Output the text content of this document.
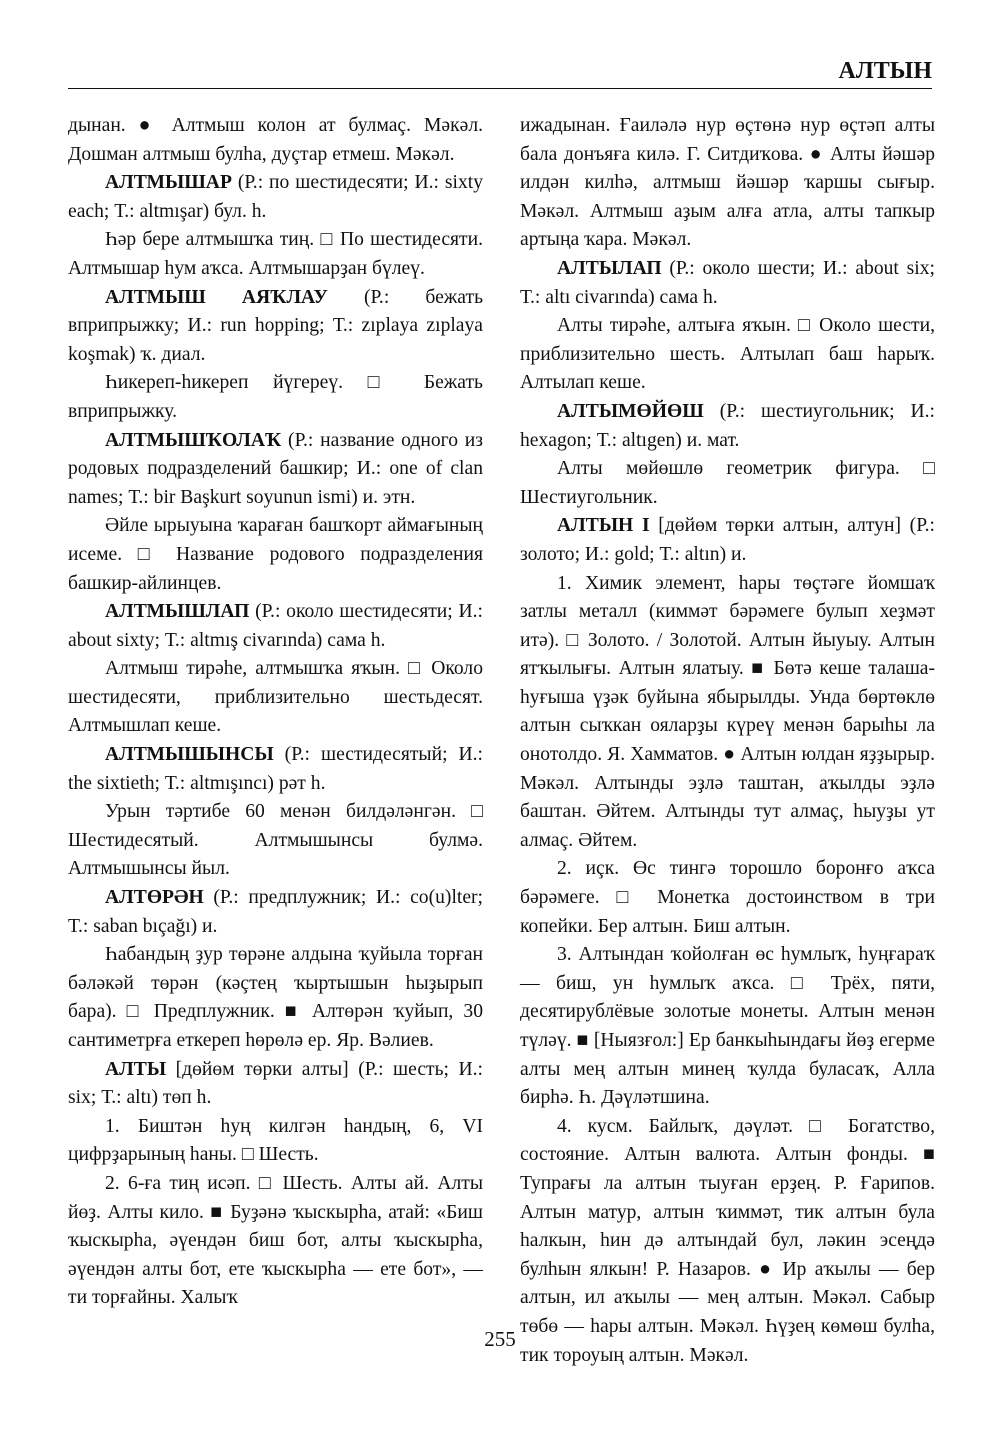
АЛТЫН

дынан. ● Алтмыш колон ат булмаç. Мәкәл. Дошман алтмыш булһа, дуçтар етмеш. Мәкәл.

АЛТМЫШАР (Р.: по шестидесяти; И.: sixty each; Т.: altmışar) бул. һ.

Һәр бере алтмышҡа тиң. □ По шестидесяти. Алтмышар һум аҡса. Алтмышарҙан бүлеү.

АЛТМЫШ АЯҠЛАУ (Р.: бежать вприпрыжку; И.: run hopping; Т.: zıplaya zıplaya koşmak) ҡ. диал.

Һикереп-һикереп йүгереү. □ Бежать вприпрыжку.

АЛТМЫШҠОЛАҠ (Р.: название одного из родовых подразделений башкир; И.: one of clan names; Т.: bir Başkurt soyunun ismi) и. этн.

Әйле ырыуына ҡараған башҡорт аймағының исеме. □ Название родового подразделения башкир-айлинцев.

АЛТМЫШЛАП (Р.: около шестидесяти; И.: about sixty; Т.: altmış civarında) сама һ.

Алтмыш тирәһе, алтмышҡа яҡын. □ Около шестидесяти, приблизительно шестьдесят. Алтмышлап кеше.

АЛТМЫШЫНСЫ (Р.: шестидесятый; И.: the sixtieth; Т.: altmışıncı) рәт һ.

Урын тәртибе 60 менән билдәләнгән. □ Шестидесятый. Алтмышынсы булмә. Алтмышынсы йыл.

АЛТӨРӘН (Р.: предплужник; И.: co(u)lter; Т.: saban bıçağı) и.

Һабандың ҙур төрәне алдына ҡуйыла торған бәләкәй төрән (кәçтең ҡыртышын һыҙырып бара). □ Предплужник. ■ Алтөрән ҡуйып, 30 сантиметрға еткереп һөрөлә ер. Яр. Вәлиев.

АЛТЫ [дөйөм төрки алты] (Р.: шесть; И.: six; Т.: altı) төп һ.

1. Биштән һуң килгән һандың, 6, VI цифрҙарының һаны. □ Шесть.

2. 6-ға тиң исәп. □ Шесть. Алты ай. Алты йөҙ. Алты кило. ■ Буҙәнә ҡыскырһа, атай: «Биш ҡыскырһа, әүендән биш бот, алты ҡыскырһа, әүендән алты бот, ете ҡыскырһа — ете бот», — ти торғайны. Халыҡ

ижадынан. Ғаиләлә нур өçтөнә нур өçтәп алты бала донъяға килә. Г. Ситдиҡова. ● Алты йәшәр илдән килһә, алтмыш йәшәр ҡаршы сығыр. Мәкәл. Алтмыш аҙым алға атла, алты тапкыр артыңа ҡара. Мәкәл.

АЛТЫЛАП (Р.: около шести; И.: about six; Т.: altı civarında) сама һ.

Алты тирәһе, алтыға яҡын. □ Около шести, приблизительно шесть. Алтылап баш һарыҡ. Алтылап кеше.

АЛТЫМӨЙӨШ (Р.: шестиугольник; И.: hexagon; Т.: altıgen) и. мат.

Алты мөйөшлө геометрик фигура. □ Шестиугольник.

АЛТЫН I [дөйөм төрки алтын, алтун] (Р.: золото; И.: gold; Т.: altın) и.

1. Химик элемент, һары төçтәге йомшаҡ затлы металл (киммәт бәрәмеге булып хеҙмәт итә). □ Золото. / Золотой. Алтын йыуыу. Алтын ятҡылығы. Алтын ялатыу. ■ Бөтә кеше талаша-һуғыша үҙәк буйына ябырылды. Унда бөртөклө алтын сыҡкан ояларҙы күреү менән барыһы ла онотолдо. Я. Хамматов. ● Алтын юлдан яҙҙырыр. Мәкәл. Алтынды эҙлә таштан, аҡылды эҙлә баштан. Әйтем. Алтынды тут алмаç, һыуҙы ут алмаç. Әйтем.

2. иçк. Өс тингә торошло боронғо аҡса бәрәмеге. □ Монетка достоинством в три копейки. Бер алтын. Биш алтын.

3. Алтындан ҡойолған өс һумлыҡ, һуңғараҡ — биш, ун һумлыҡ аҡса. □ Трёх, пяти, десятирублёвые золотые монеты. Алтын менән түләү. ■ [Ныязғол:] Ер банкыһындағы йөҙ егерме алты мең алтын минең ҡулда буласаҡ, Алла бирһә. Һ. Дәүләтшина.

4. кусм. Байлыҡ, дәүләт. □ Богатство, состояние. Алтын валюта. Алтын фонды. ■ Тупрағы ла алтын тыуған ерҙең. Р. Ғарипов. Алтын матур, алтын ҡиммәт, тик алтын була һалкын, һин дә алтындай бул, ләкин эсеңдә булһын ялкын! Р. Назаров. ● Ир аҡылы — бер алтын, ил аҡылы — мең алтын. Мәкәл. Сабыр төбө — һары алтын. Мәкәл. Һүҙең көмөш булһа, тик тороуың алтын. Мәкәл.

255
